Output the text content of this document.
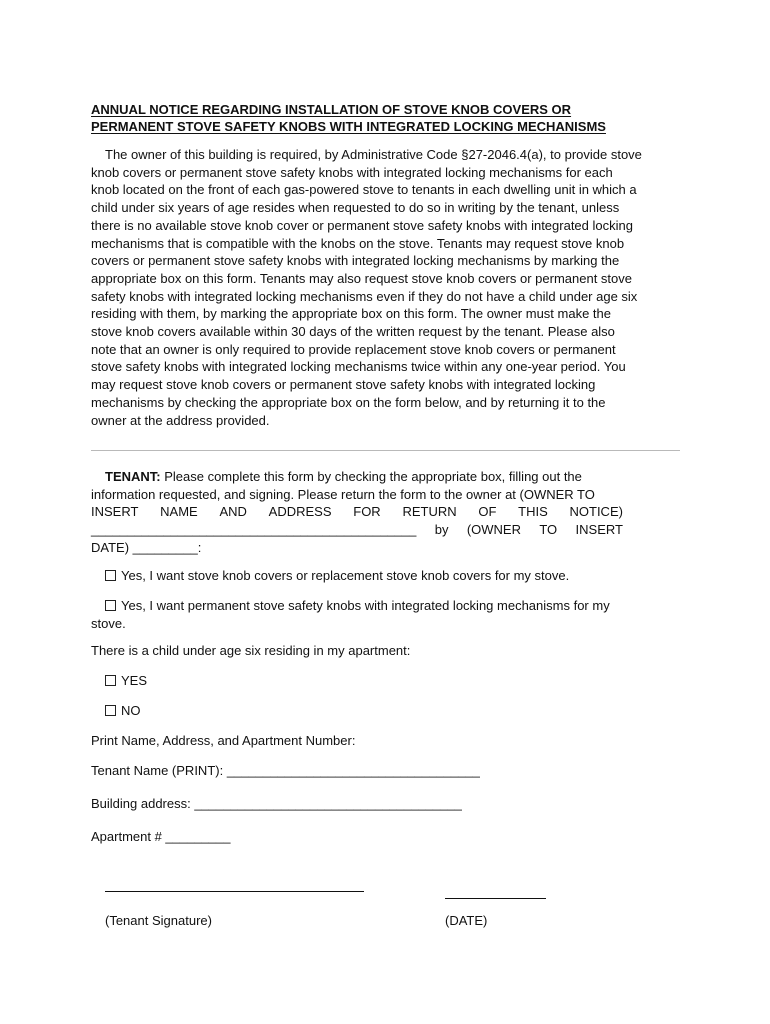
ANNUAL NOTICE REGARDING INSTALLATION OF STOVE KNOB COVERS OR
PERMANENT STOVE SAFETY KNOBS WITH INTEGRATED LOCKING MECHANISMS
The owner of this building is required, by Administrative Code §27-2046.4(a), to provide stove
knob covers or permanent stove safety knobs with integrated locking mechanisms for each
knob located on the front of each gas-powered stove to tenants in each dwelling unit in which a
child under six years of age resides when requested to do so in writing by the tenant, unless
there is no available stove knob cover or permanent stove safety knobs with integrated locking
mechanisms that is compatible with the knobs on the stove. Tenants may request stove knob
covers or permanent stove safety knobs with integrated locking mechanisms by marking the
appropriate box on this form. Tenants may also request stove knob covers or permanent stove
safety knobs with integrated locking mechanisms even if they do not have a child under age six
residing with them, by marking the appropriate box on this form. The owner must make the
stove knob covers available within 30 days of the written request by the tenant. Please also
note that an owner is only required to provide replacement stove knob covers or permanent
stove safety knobs with integrated locking mechanisms twice within any one-year period. You
may request stove knob covers or permanent stove safety knobs with integrated locking
mechanisms by checking the appropriate box on the form below, and by returning it to the
owner at the address provided.
TENANT: Please complete this form by checking the appropriate box, filling out the
information requested, and signing. Please return the form to the owner at (OWNER TO
INSERT NAME AND ADDRESS FOR RETURN OF THIS NOTICE)
_____________________________________________ by (OWNER TO INSERT
DATE) _________:
Yes, I want stove knob covers or replacement stove knob covers for my stove.
Yes, I want permanent stove safety knobs with integrated locking mechanisms for my
stove.
There is a child under age six residing in my apartment:
YES
NO
Print Name, Address, and Apartment Number:
Tenant Name (PRINT): ___________________________________
Building address: _____________________________________
Apartment # _________
(Tenant Signature)	(DATE)
